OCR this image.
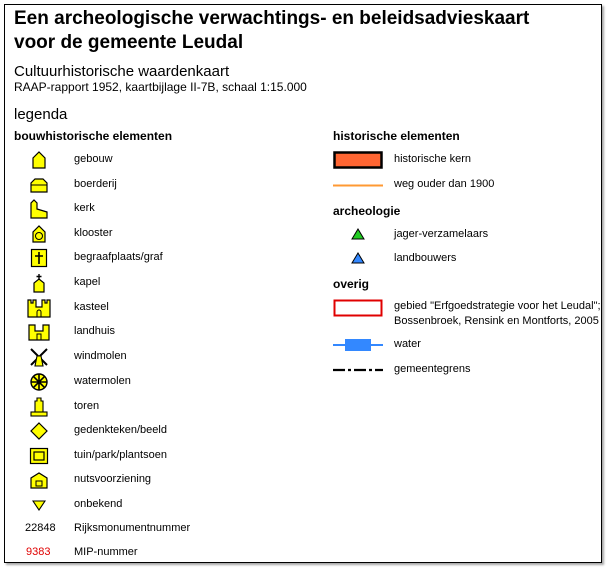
Een archeologische verwachtings- en beleidsadvieskaart
voor de gemeente Leudal
Cultuurhistorische waardenkaart
RAAP-rapport 1952, kaartbijlage II-7B, schaal 1:15.000
legenda
bouwhistorische elementen
gebouw
boerderij
kerk
klooster
begraafplaats/graf
kapel
kasteel
landhuis
windmolen
watermolen
toren
gedenkteken/beeld
tuin/park/plantsoen
nutsvoorziening
onbekend
22848 Rijksmonumentnummer
9383 MIP-nummer
historische elementen
historische kern
weg ouder dan 1900
archeologie
jager-verzamelaars
landbouwers
overig
gebied "Erfgoedstrategie voor het Leudal";
Bossenbroek, Rensink en Montforts, 2005
water
gemeentegrens
